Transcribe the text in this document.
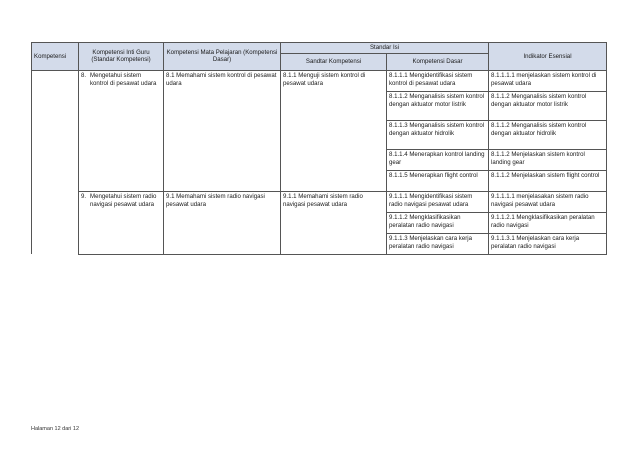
Kompetensi	Kompetensi Inti Guru (Standar Kompetensi)	Kompetensi Mata Pelajaran (Kompetensi Dasar)	Standar Isi		Indikator Esensial
			Sandtar Kompetensi	Kompetensi Dasar	

	8. Mengetahui sistem kontrol di pesawat udara	8.1 Memahami sistem kontrol di pesawat udara	8.1.1 Menguji sistem kontrol di pesawat udara	8.1.1.1 Mengidentifikasi sistem kontrol di pesawat udara	8.1.1.1.1 menjelaskan sistem kontrol di pesawat udara
				8.1.1.2 Menganalisis sistem kontrol dengan aktuator motor listrik	8.1.1.2 Menganalisis sistem kontrol dengan aktuator motor listrik
				8.1.1.3 Menganalisis sistem kontrol dengan aktuator hidrolik	8.1.1.2 Menganalisis sistem kontrol dengan aktuator hidrolik
				8.1.1.4 Menerapkan kontrol landing gear	8.1.1.2 Menjelaskan sistem kontrol landing gear
				8.1.1.5 Menerapkan flight control	8.1.1.2 Menjelaskan sistem flight control

	9. Mengetahui sistem radio navigasi pesawat udara	9.1 Memahami sistem radio navigasi pesawat udara	9.1.1 Memahami sistem radio navigasi pesawat udara	9.1.1.1 Mengidentifikasi sistem radio navigasi pesawat udara	9.1.1.1.1 menjelasakan sistem radio navigasi pesawat udara
				9.1.1.2 Mengklasifikasikan peralatan radio navigasi	9.1.1.2.1 Mengklasifikasikan peralatan radio navigasi
				9.1.1.3 Menjelaskan cara kerja peralatan radio navigasi	9.1.1.3.1 Menjelaskan cara kerja peralatan radio navigasi
Halaman 12 dari 12
